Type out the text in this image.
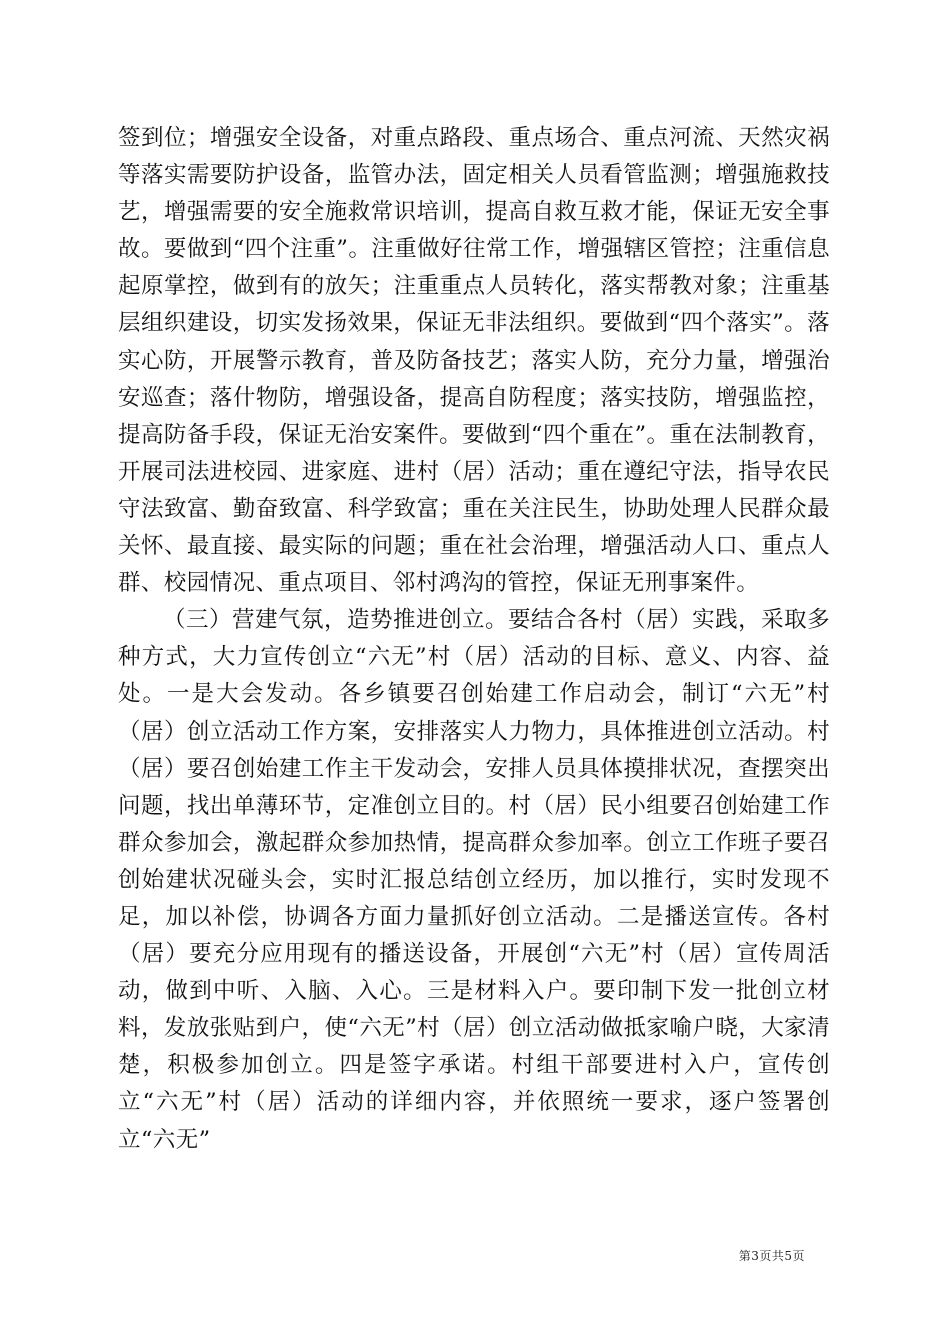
签到位；增强安全设备，对重点路段、重点场合、重点河流、天然灾祸等落实需要防护设备，监管办法，固定相关人员看管监测；增强施救技艺，增强需要的安全施救常识培训，提高自救互救才能，保证无安全事故。要做到“四个注重”。注重做好往常工作，增强辖区管控；注重信息起原掌控，做到有的放矢；注重重点人员转化，落实帮教对象；注重基层组织建设，切实发扬效果，保证无非法组织。要做到“四个落实”。落实心防，开展警示教育，普及防备技艺；落实人防，充分力量，增强治安巡查；落什物防，增强设备，提高自防程度；落实技防，增强监控，提高防备手段，保证无治安案件。要做到“四个重在”。重在法制教育，开展司法进校园、进家庭、进村（居）活动；重在遵纪守法，指导农民守法致富、勤奋致富、科学致富；重在关注民生，协助处理人民群众最关怀、最直接、最实际的问题；重在社会治理，增强活动人口、重点人群、校园情况、重点项目、邻村鸿沟的管控，保证无刑事案件。

（三）营建气氛，造势推进创立。要结合各村（居）实践，采取多种方式，大力宣传创立“六无”村（居）活动的目标、意义、内容、益处。一是大会发动。各乡镇要召创始建工作启动会，制订“六无”村（居）创立活动工作方案，安排落实人力物力，具体推进创立活动。村（居）要召创始建工作主干发动会，安排人员具体摸排状况，查摆突出问题，找出单薄环节，定准创立目的。村（居）民小组要召创始建工作群众参加会，激起群众参加热情，提高群众参加率。创立工作班子要召创始建状况碰头会，实时汇报总结创立经历，加以推行，实时发现不足，加以补偿，协调各方面力量抓好创立活动。二是播送宣传。各村（居）要充分应用现有的播送设备，开展创“六无”村（居）宣传周活动，做到中听、入脑、入心。三是材料入户。要印制下发一批创立材料，发放张贴到户，使“六无”村（居）创立活动做抵家喻户晓，大家清楚，积极参加创立。四是签字承诺。村组干部要进村入户，宣传创立“六无”村（居）活动的详细内容，并依照统一要求，逐户签署创立“六无”

第3页共5页
